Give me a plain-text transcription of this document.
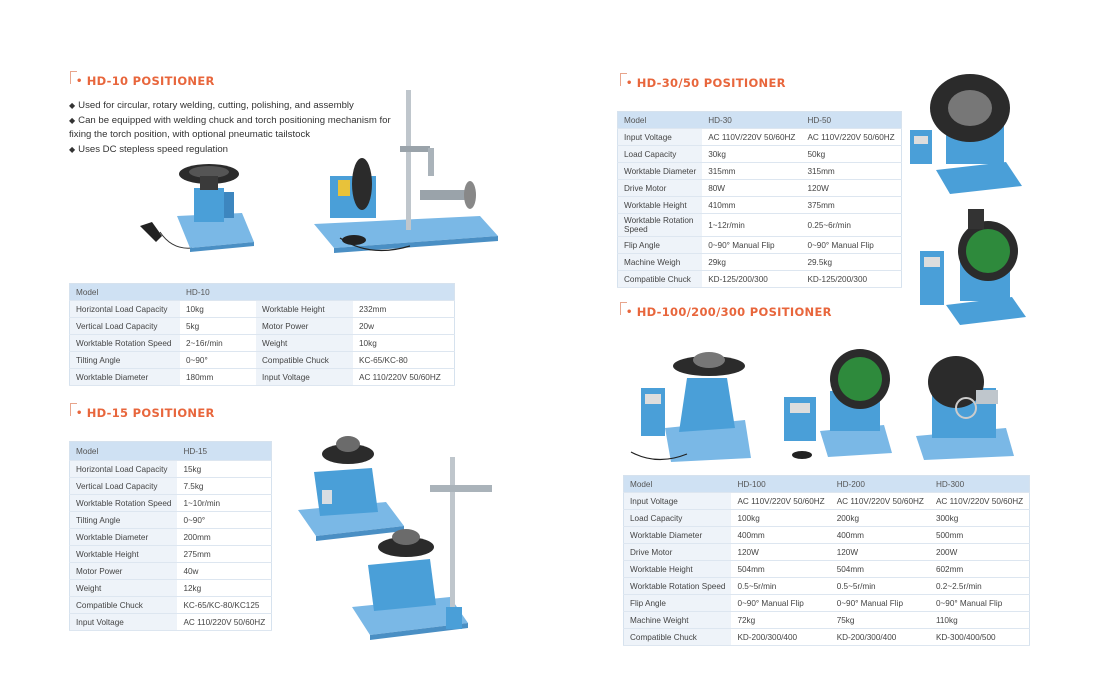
• HD-10 POSITIONER
• HD-15 POSITIONER
• HD-30/50 POSITIONER
• HD-100/200/300 POSITIONER
◆ Used for circular, rotary welding, cutting, polishing, and assembly
◆ Can be equipped with welding chuck and torch positioning mechanism for fixing the torch position, with optional pneumatic tailstock
◆ Uses DC stepless speed regulation
Model	HD-10		
Horizontal Load Capacity	10kg	Worktable Height	232mm
Vertical Load Capacity	5kg	Motor Power	20w
Worktable Rotation Speed	2~16r/min	Weight	10kg
Tilting Angle	0~90°	Compatible Chuck	KC-65/KC-80
Worktable Diameter	180mm	Input Voltage	AC 110/220V 50/60HZ
Model	HD-15
Horizontal Load Capacity	15kg
Vertical Load Capacity	7.5kg
Worktable Rotation Speed	1~10r/min
Tilting Angle	0~90°
Worktable Diameter	200mm
Worktable Height	275mm
Motor Power	40w
Weight	12kg
Compatible Chuck	KC-65/KC-80/KC125
Input Voltage	AC 110/220V 50/60HZ
Model	HD-30	HD-50
Input Voltage	AC 110V/220V 50/60HZ	AC 110V/220V 50/60HZ
Load Capacity	30kg	50kg
Worktable Diameter	315mm	315mm
Drive Motor	80W	120W
Worktable Height	410mm	375mm
Worktable Rotation Speed	1~12r/min	0.25~6r/min
Flip Angle	0~90° Manual Flip	0~90° Manual Flip
Machine Weigh	29kg	29.5kg
Compatible Chuck	KD-125/200/300	KD-125/200/300
Model	HD-100	HD-200	HD-300
Input Voltage	AC 110V/220V 50/60HZ	AC 110V/220V 50/60HZ	AC 110V/220V 50/60HZ
Load Capacity	100kg	200kg	300kg
Worktable Diameter	400mm	400mm	500mm
Drive Motor	120W	120W	200W
Worktable Height	504mm	504mm	602mm
Worktable Rotation Speed	0.5~5r/min	0.5~5r/min	0.2~2.5r/min
Flip Angle	0~90° Manual Flip	0~90° Manual Flip	0~90° Manual Flip
Machine Weight	72kg	75kg	110kg
Compatible Chuck	KD-200/300/400	KD-200/300/400	KD-300/400/500
